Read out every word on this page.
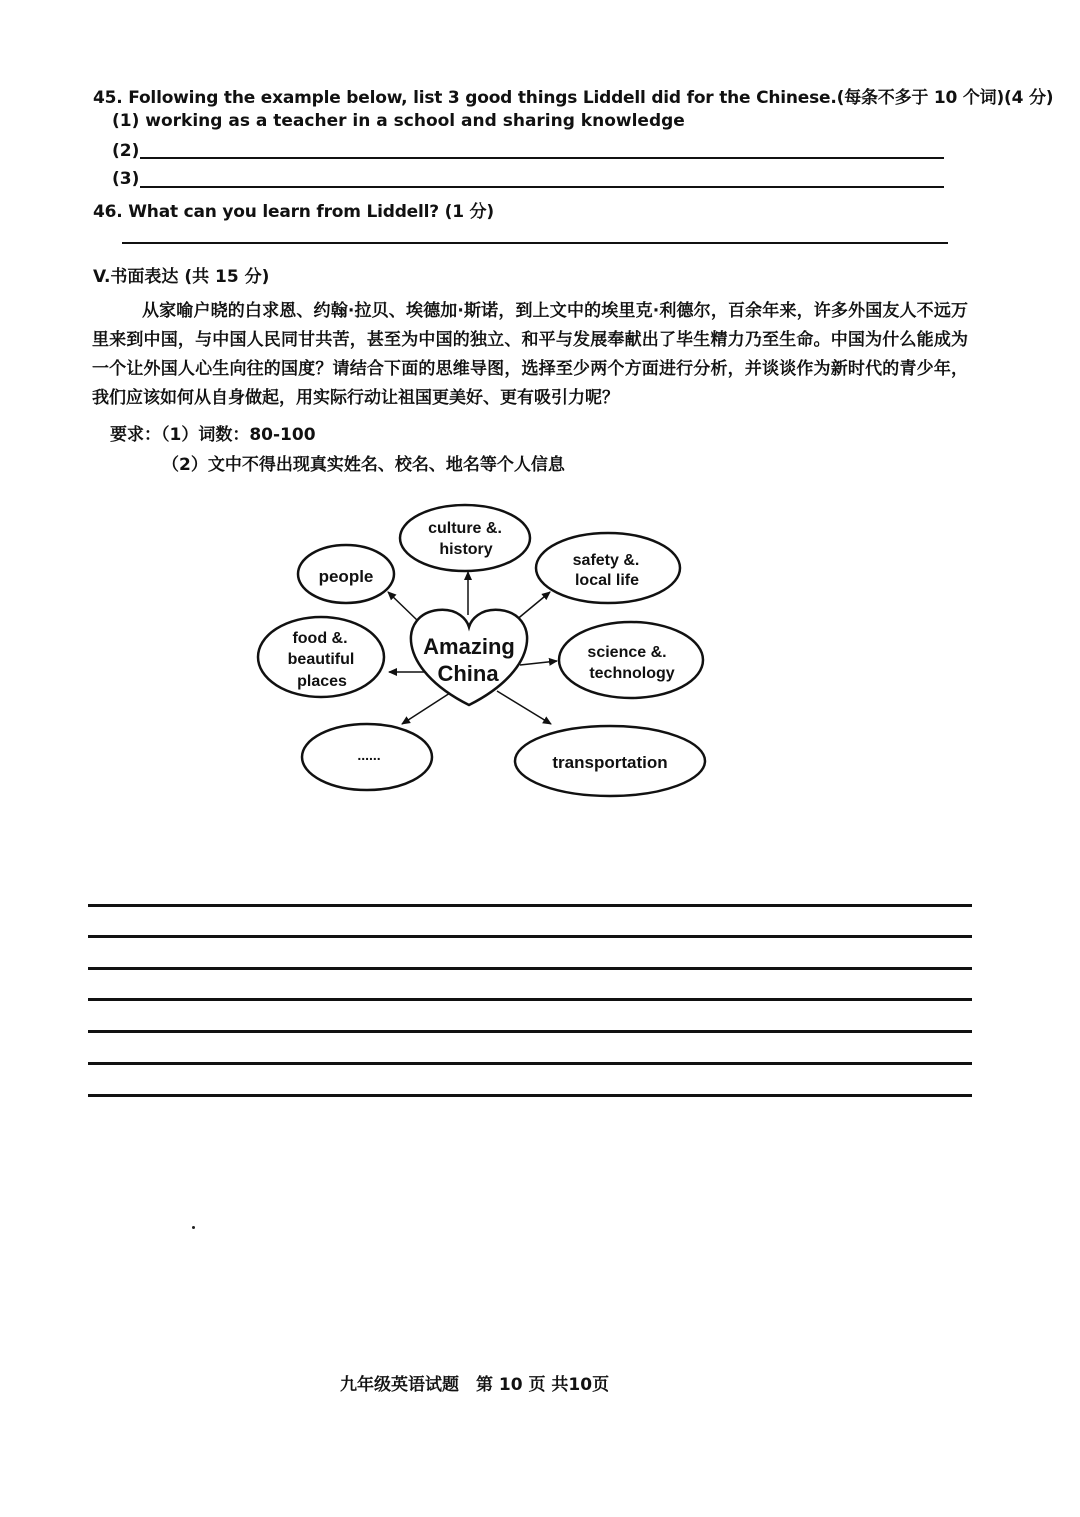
45. Following the example below, list 3 good things Liddell did for the Chinese.(每条不多于 10 个词)(4 分)
(1) working as a teacher in a school and sharing knowledge
(2)
(3)
46. What can you learn from Liddell? (1 分)
V.书面表达 (共 15 分)
从家喻户晓的白求恩、约翰·拉贝、埃德加·斯诺，到上文中的埃里克·利德尔，百余年来，许多外国友人不远万里来到中国，与中国人民同甘共苦，甚至为中国的独立、和平与发展奉献出了毕生精力乃至生命。中国为什么能成为一个让外国人心生向往的国度？请结合下面的思维导图，选择至少两个方面进行分析，并谈谈作为新时代的青少年，我们应该如何从自身做起，用实际行动让祖国更美好、更有吸引力呢？
要求：（1）词数：80-100
（2）文中不得出现真实姓名、校名、地名等个人信息
Amazing
China
culture &.
history
people
safety &.
local life
food &.
beautiful
places
science &.
technology
......	transportation
九年级英语试题　第 10 页 共10页
